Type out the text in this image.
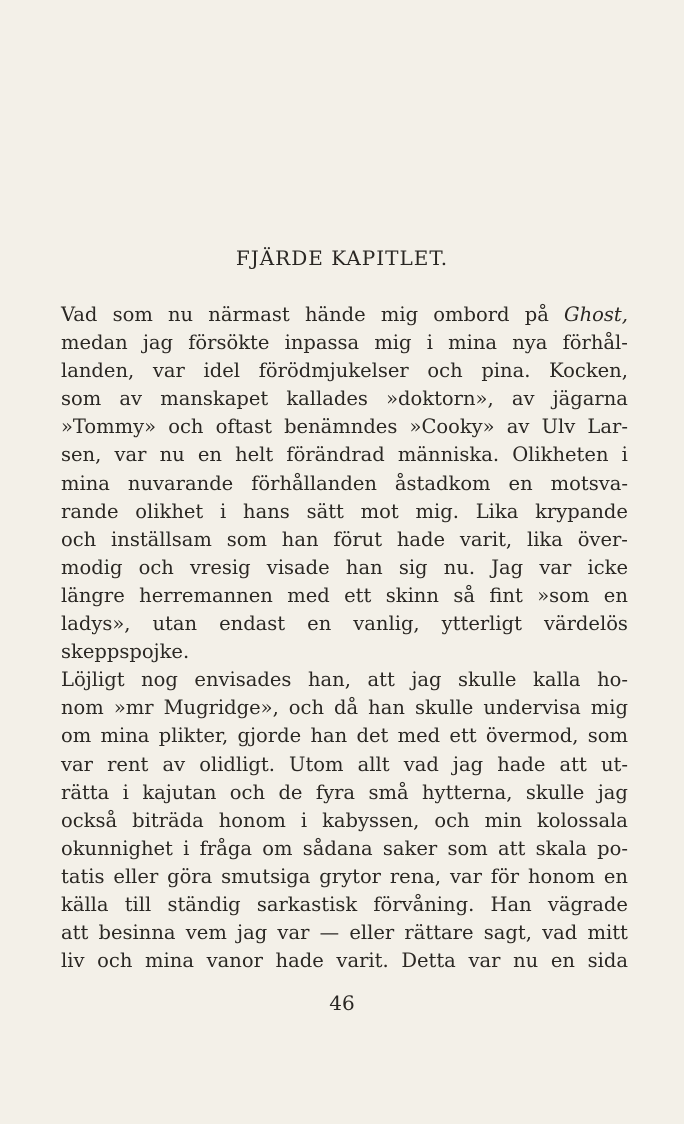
FJÄRDE KAPITLET.
Vad som nu närmast hände mig ombord på Ghost,
medan jag försökte inpassa mig i mina nya förhål-
landen, var idel förödmjukelser och pina. Kocken,
som av manskapet kallades »doktorn», av jägarna
»Tommy» och oftast benämndes »Cooky» av Ulv Lar-
sen, var nu en helt förändrad människa. Olikheten i
mina nuvarande förhållanden åstadkom en motsva-
rande olikhet i hans sätt mot mig. Lika krypande
och inställsam som han förut hade varit, lika över-
modig och vresig visade han sig nu. Jag var icke
längre herremannen med ett skinn så fint »som en
ladys», utan endast en vanlig, ytterligt värdelös
skeppspojke.
Löjligt nog envisades han, att jag skulle kalla ho-
nom »mr Mugridge», och då han skulle undervisa mig
om mina plikter, gjorde han det med ett övermod, som
var rent av olidligt. Utom allt vad jag hade att ut-
rätta i kajutan och de fyra små hytterna, skulle jag
också biträda honom i kabyssen, och min kolossala
okunnighet i fråga om sådana saker som att skala po-
tatis eller göra smutsiga grytor rena, var för honom en
källa till ständig sarkastisk förvåning. Han vägrade
att besinna vem jag var — eller rättare sagt, vad mitt
liv och mina vanor hade varit. Detta var nu en sida
46
